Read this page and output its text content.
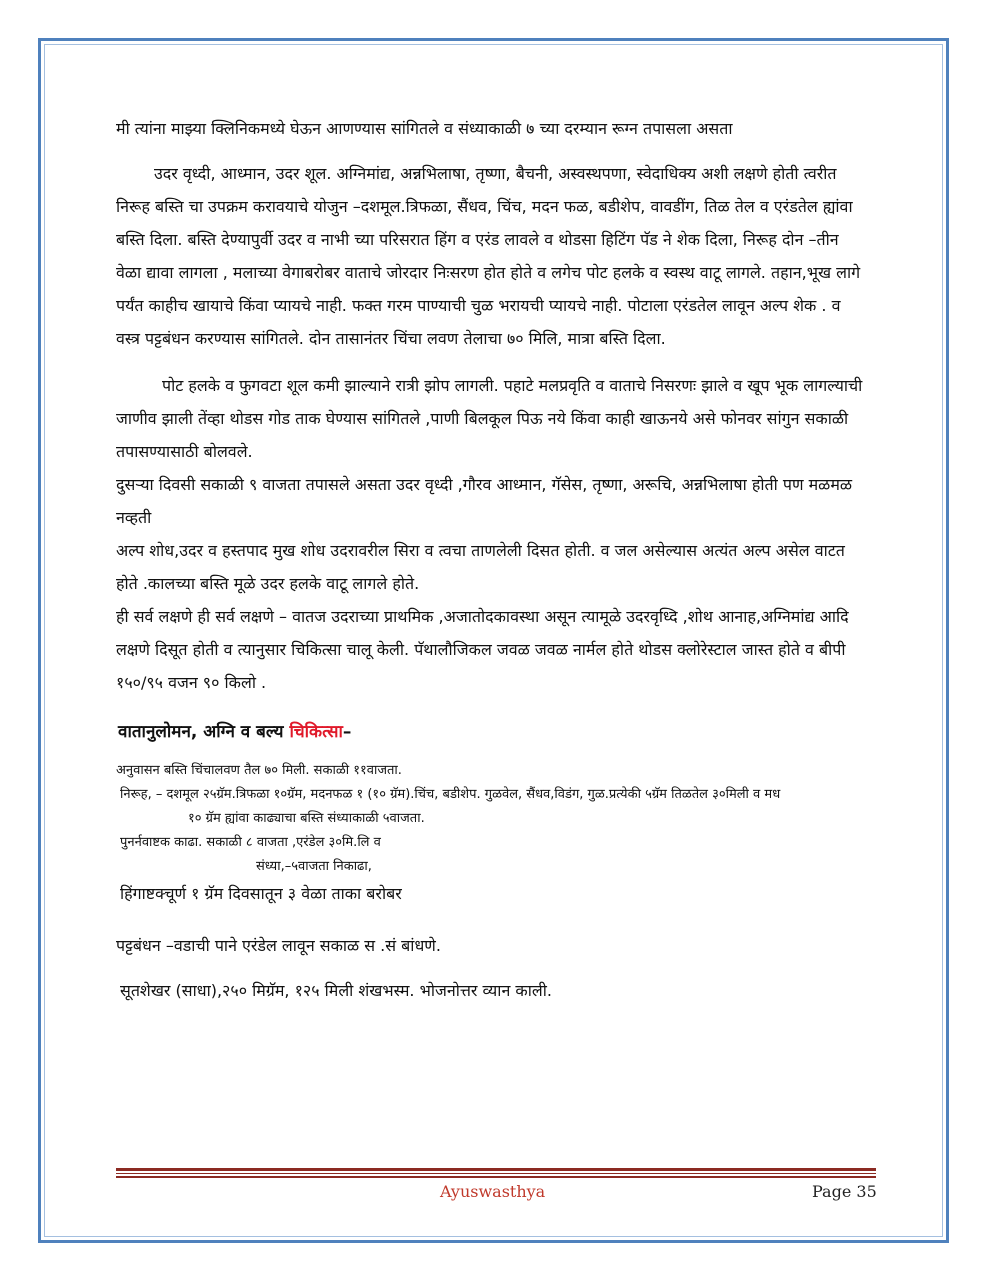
मी त्यांना माझ्या क्लिनिकमध्ये घेऊन आणण्यास सांगितले व संध्याकाळी ७ च्या दरम्यान रूग्न तपासला असता

उदर वृध्दी, आध्मान, उदर शूल. अग्निमांद्य, अन्नभिलाषा, तृष्णा, बैचनी, अस्वस्थपणा, स्वेदाधिक्य अशी लक्षणे होती त्वरीत निरूह बस्ति चा उपक्रम करावयाचे योजुन –दशमूल.त्रिफळा, सैंधव, चिंच, मदन फळ, बडीशेप, वावडींग, तिळ तेल व एरंडतेल ह्यांवा बस्ति दिला. बस्ति देण्यापुर्वी उदर व नाभी च्या परिसरात हिंग व एरंड लावले व थोडसा हिटिंग पॅड ने शेक दिला, निरूह दोन –तीन वेळा द्यावा लागला , मलाच्या वेगाबरोबर वाताचे जोरदार निःसरण होत होते व लगेच पोट हलके व स्वस्थ वाटू लागले. तहान,भूख लागे पर्यंत काहीच खायाचे किंवा प्यायचे नाही. फक्त गरम पाण्याची चुळ भरायची प्यायचे नाही. पोटाला एरंडतेल लावून अल्प शेक . व वस्त्र पट्टबंधन करण्यास सांगितले. दोन तासानंतर चिंचा लवण तेलाचा ७० मिलि, मात्रा बस्ति दिला.

पोट हलके व फुगवटा शूल कमी झाल्याने रात्री झोप लागली. पहाटे मलप्रवृति व वाताचे निसरणः झाले व खूप भूक लागल्याची जाणीव झाली तेंव्हा थोडस गोड ताक घेण्यास सांगितले ,पाणी बिलकूल पिऊ नये किंवा काही खाऊनये असे फोनवर सांगुन सकाळी तपासण्यासाठी बोलवले.

दुसऱ्या दिवसी सकाळी ९ वाजता तपासले असता उदर वृध्दी ,गौरव आध्मान, गॅसेस, तृष्णा, अरूचि, अन्नभिलाषा होती पण मळमळ नव्हती

अल्प शोध,उदर व हस्तपाद मुख शोध उदरावरील सिरा व त्वचा ताणलेली दिसत होती. व जल असेल्यास अत्यंत अल्प असेल वाटत होते .कालच्या बस्ति मूळे उदर हलके वाटू लागले होते.

ही सर्व लक्षणे ही सर्व लक्षणे – वातज उदराच्या प्राथमिक ,अजातोदकावस्था असून त्यामूळे उदरवृध्दि ,शोथ आनाह,अग्निमांद्य आदि लक्षणे दिसूत होती व त्यानुसार चिकित्सा चालू केली. पॅथालौजिकल जवळ जवळ नार्मल होते थोडस क्लोरेस्टाल जास्त होते व बीपी १५०/९५ वजन ९० किलो .

वातानुलोमन, अग्नि व बल्य चिकित्सा–

अनुवासन बस्ति चिंचालवण तैल ७० मिली. सकाळी ११वाजता.

निरूह, – दशमूल २५ग्रॅम.त्रिफळा १०ग्रॅम, मदनफळ १ (१० ग्रॅम).चिंच, बडीशेप. गुळवेल, सैंधव,विडंग, गुळ.प्रत्येकी ५ग्रॅम तिळतेल ३०मिली व मध

१० ग्रॅम ह्यांवा काढ्याचा बस्ति संध्याकाळी ५वाजता.

पुनर्नवाष्टक काढा. सकाळी ८ वाजता ,एरंडेल ३०मि.लि व

संध्या,–५वाजता निकाढा,

हिंगाष्टक्चूर्ण १ ग्रॅम दिवसातून ३ वेळा ताका बरोबर

पट्टबंधन –वडाची पाने एरंडेल लावून सकाळ स .सं बांधणे.

सूतशेखर (साधा),२५० मिग्रॅम, १२५ मिली शंखभस्म. भोजनोत्तर व्यान काली.

Ayuswasthya	Page 35
